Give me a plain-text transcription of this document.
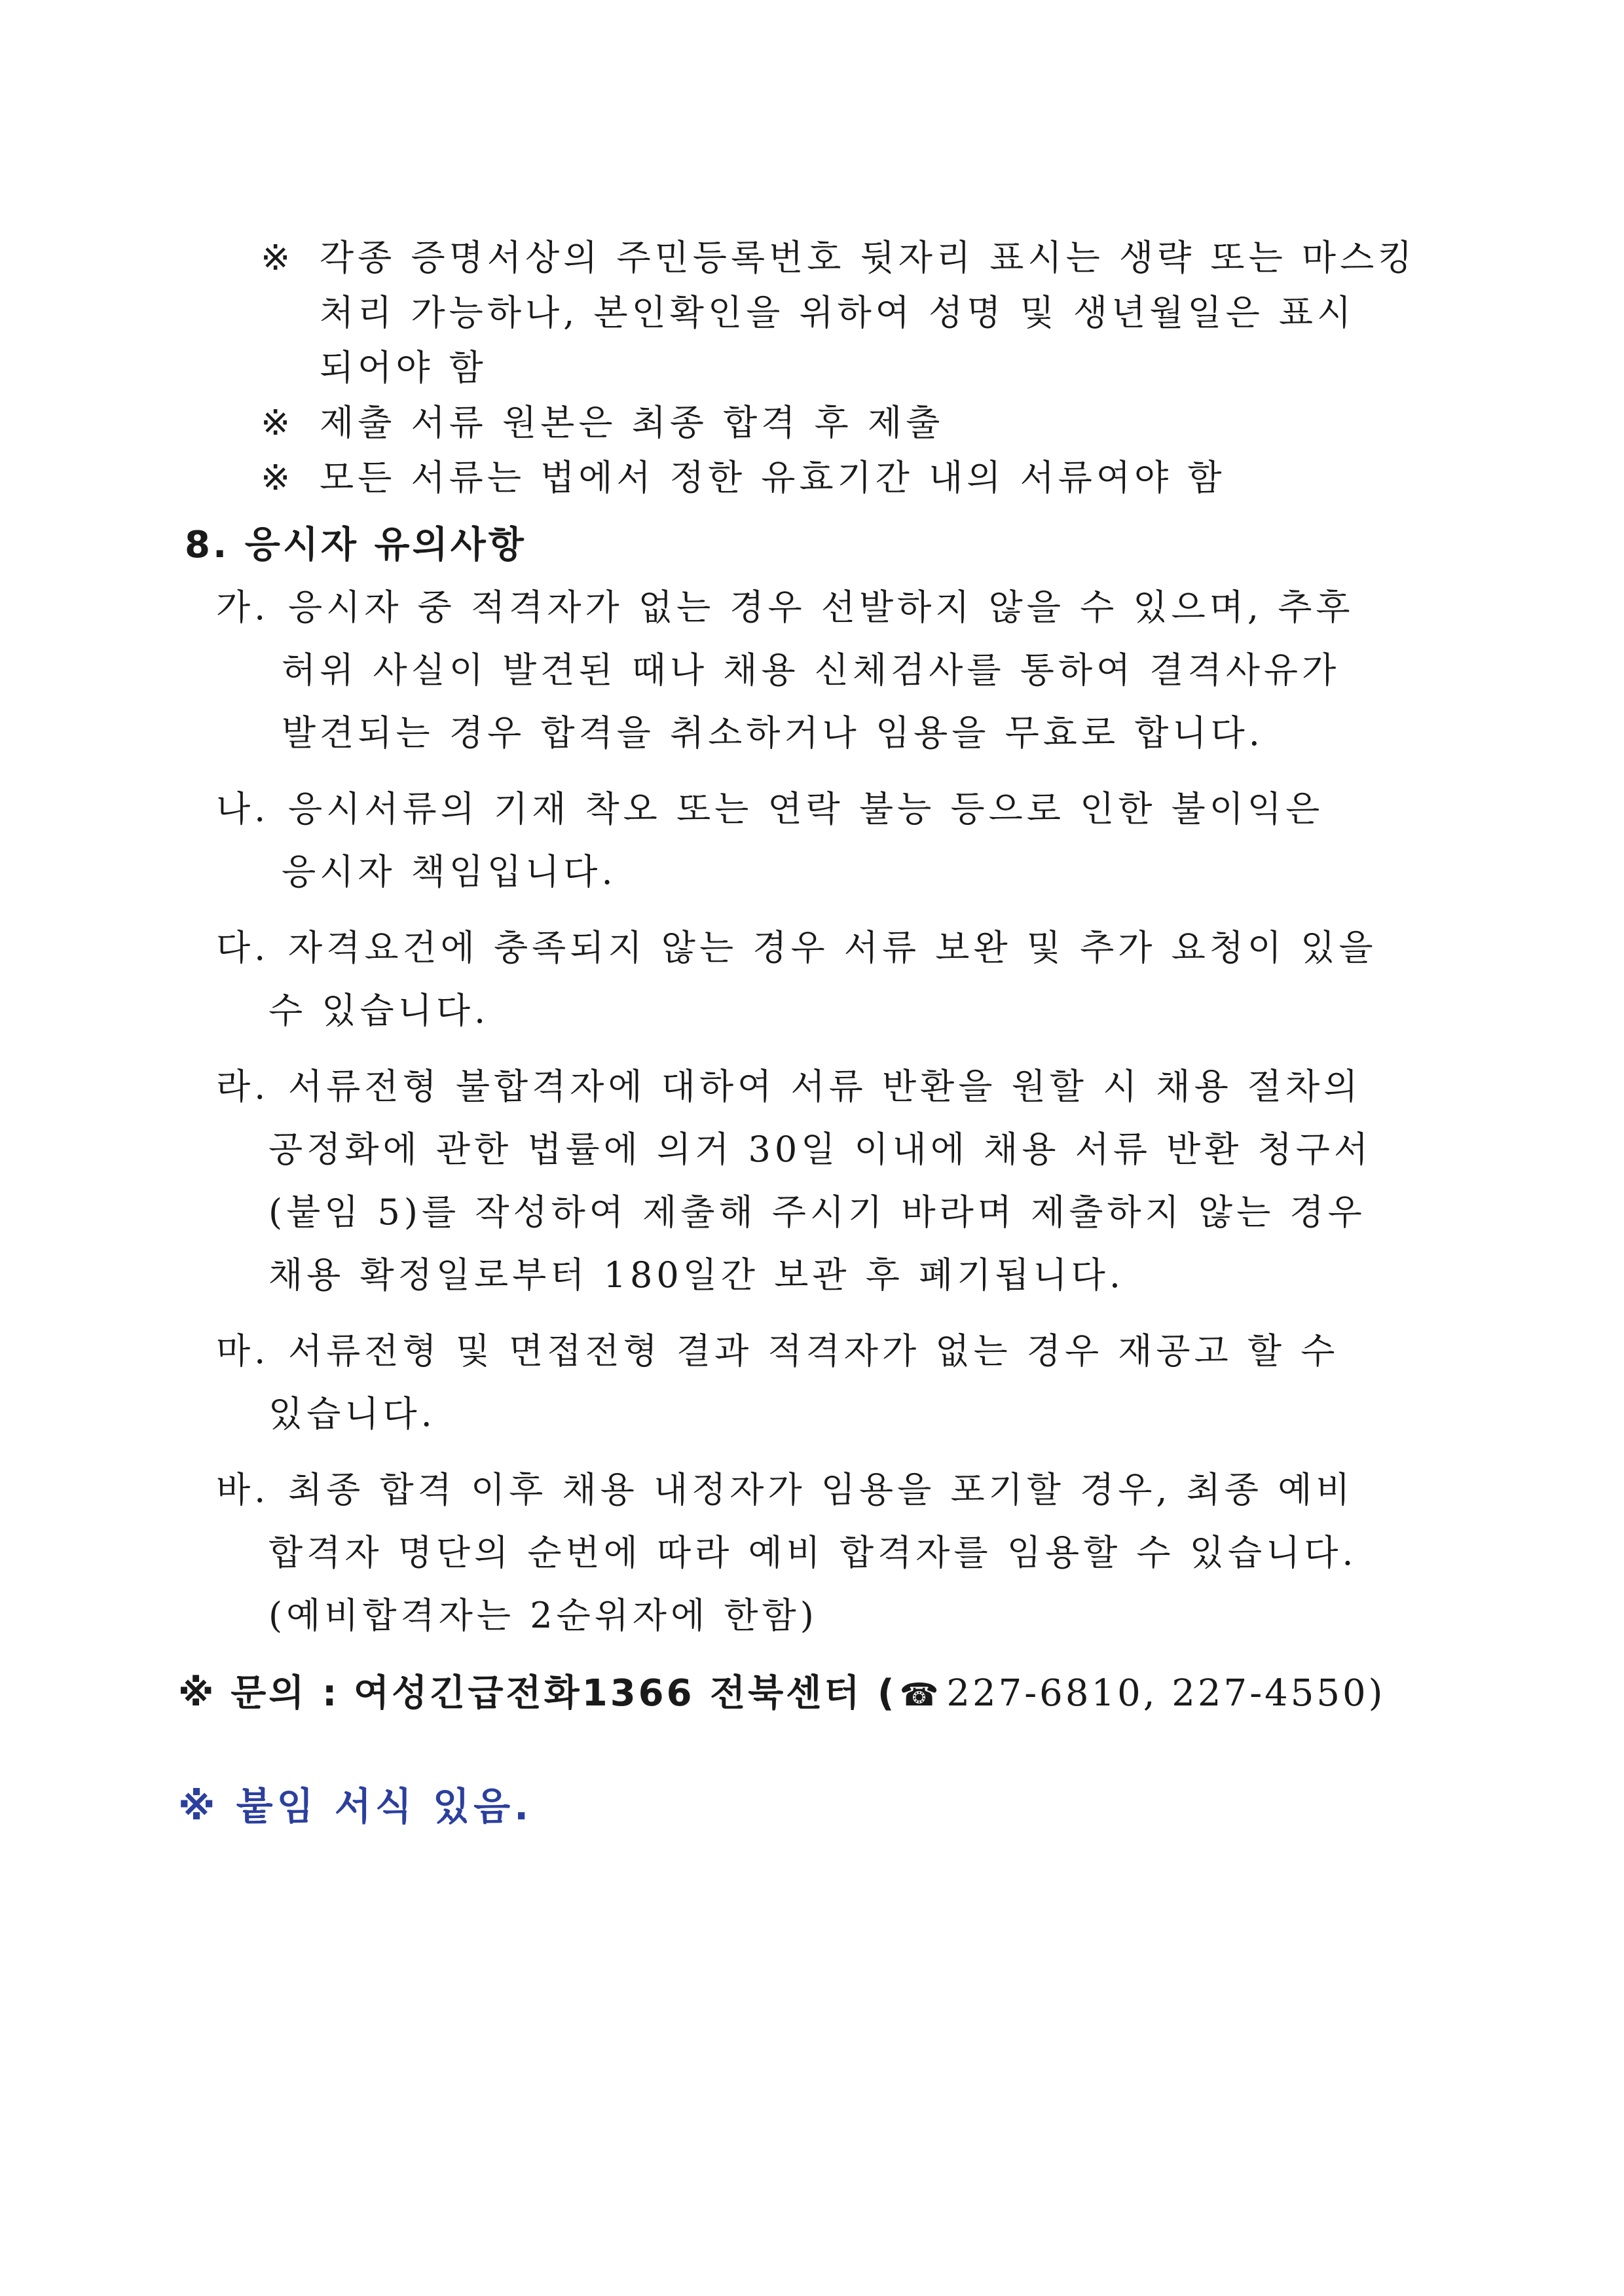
※ 각종 증명서상의 주민등록번호 뒷자리 표시는 생략 또는 마스킹
처리 가능하나, 본인확인을 위하여 성명 및 생년월일은 표시
되어야 함
※ 제출 서류 원본은 최종 합격 후 제출
※ 모든 서류는 법에서 정한 유효기간 내의 서류여야 함
8. 응시자 유의사항
가. 응시자 중 적격자가 없는 경우 선발하지 않을 수 있으며, 추후
허위 사실이 발견된 때나 채용 신체검사를 통하여 결격사유가
발견되는 경우 합격을 취소하거나 임용을 무효로 합니다.
나. 응시서류의 기재 착오 또는 연락 불능 등으로 인한 불이익은
응시자 책임입니다.
다. 자격요건에 충족되지 않는 경우 서류 보완 및 추가 요청이 있을
수 있습니다.
라. 서류전형 불합격자에 대하여 서류 반환을 원할 시 채용 절차의
공정화에 관한 법률에 의거 30일 이내에 채용 서류 반환 청구서
(붙임 5)를 작성하여 제출해 주시기 바라며 제출하지 않는 경우
채용 확정일로부터 180일간 보관 후 폐기됩니다.
마. 서류전형 및 면접전형 결과 적격자가 없는 경우 재공고 할 수
있습니다.
바. 최종 합격 이후 채용 내정자가 임용을 포기할 경우, 최종 예비
합격자 명단의 순번에 따라 예비 합격자를 임용할 수 있습니다.
(예비합격자는 2순위자에 한함)
※ 문의 : 여성긴급전화1366 전북센터 (☎ 227-6810, 227-4550)
※ 붙임 서식 있음.
